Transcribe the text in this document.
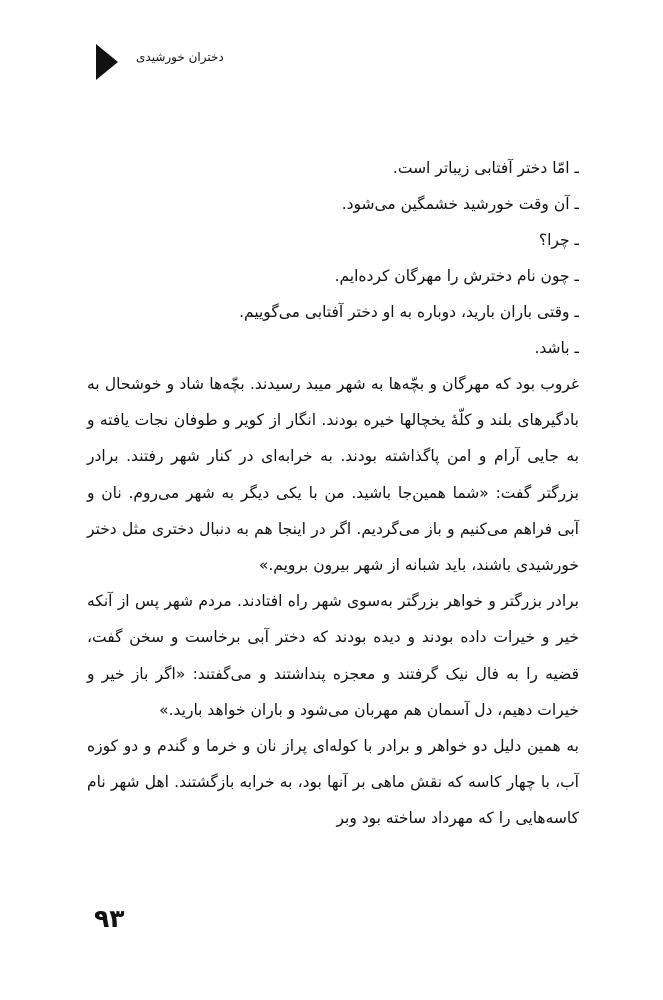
دختران خورشیدی
ـ امّا دختر آفتابی زیباتر است.
ـ آن وقت خورشید خشمگین می‌شود.
ـ چرا؟
ـ چون نام دخترش را مهرگان کرده‌ایم.
ـ وقتی باران بارید، دوباره به او دختر آفتابی می‌گوییم.
ـ باشد.

غروب بود که مهرگان و بچّه‌ها به شهر میبد رسیدند. بچّه‌ها شاد و خوشحال به بادگیرهای بلند و کلّهٔ یخچالها خیره بودند. انگار از کویر و طوفان نجات یافته و به جایی آرام و امن پاگذاشته بودند. به خرابه‌ای در کنار شهر رفتند. برادر بزرگتر گفت: «شما همین‌جا باشید. من با یکی دیگر به شهر می‌روم. نان و آبی فراهم می‌کنیم و باز می‌گردیم. اگر در اینجا هم به دنبال دختری مثل دختر خورشیدی باشند، باید شبانه از شهر بیرون برویم.»

برادر بزرگتر و خواهر بزرگتر به‌سوی شهر راه افتادند. مردم شهر پس از آنکه خیر و خیرات داده بودند و دیده بودند که دختر آبی برخاست و سخن گفت، قضیه را به فال نیک گرفتند و معجزه پنداشتند و می‌گفتند: «اگر باز خیر و خیرات دهیم، دل آسمان هم مهربان می‌شود و باران خواهد بارید.»

به همین دلیل دو خواهر و برادر با کوله‌ای پراز نان و خرما و گندم و دو کوزه آب، با چهار کاسه که نقش ماهی بر آنها بود، به خرابه بازگشتند. اهل شهر نام کاسه‌هایی را که مهرداد ساخته بود وبر

۹۳
